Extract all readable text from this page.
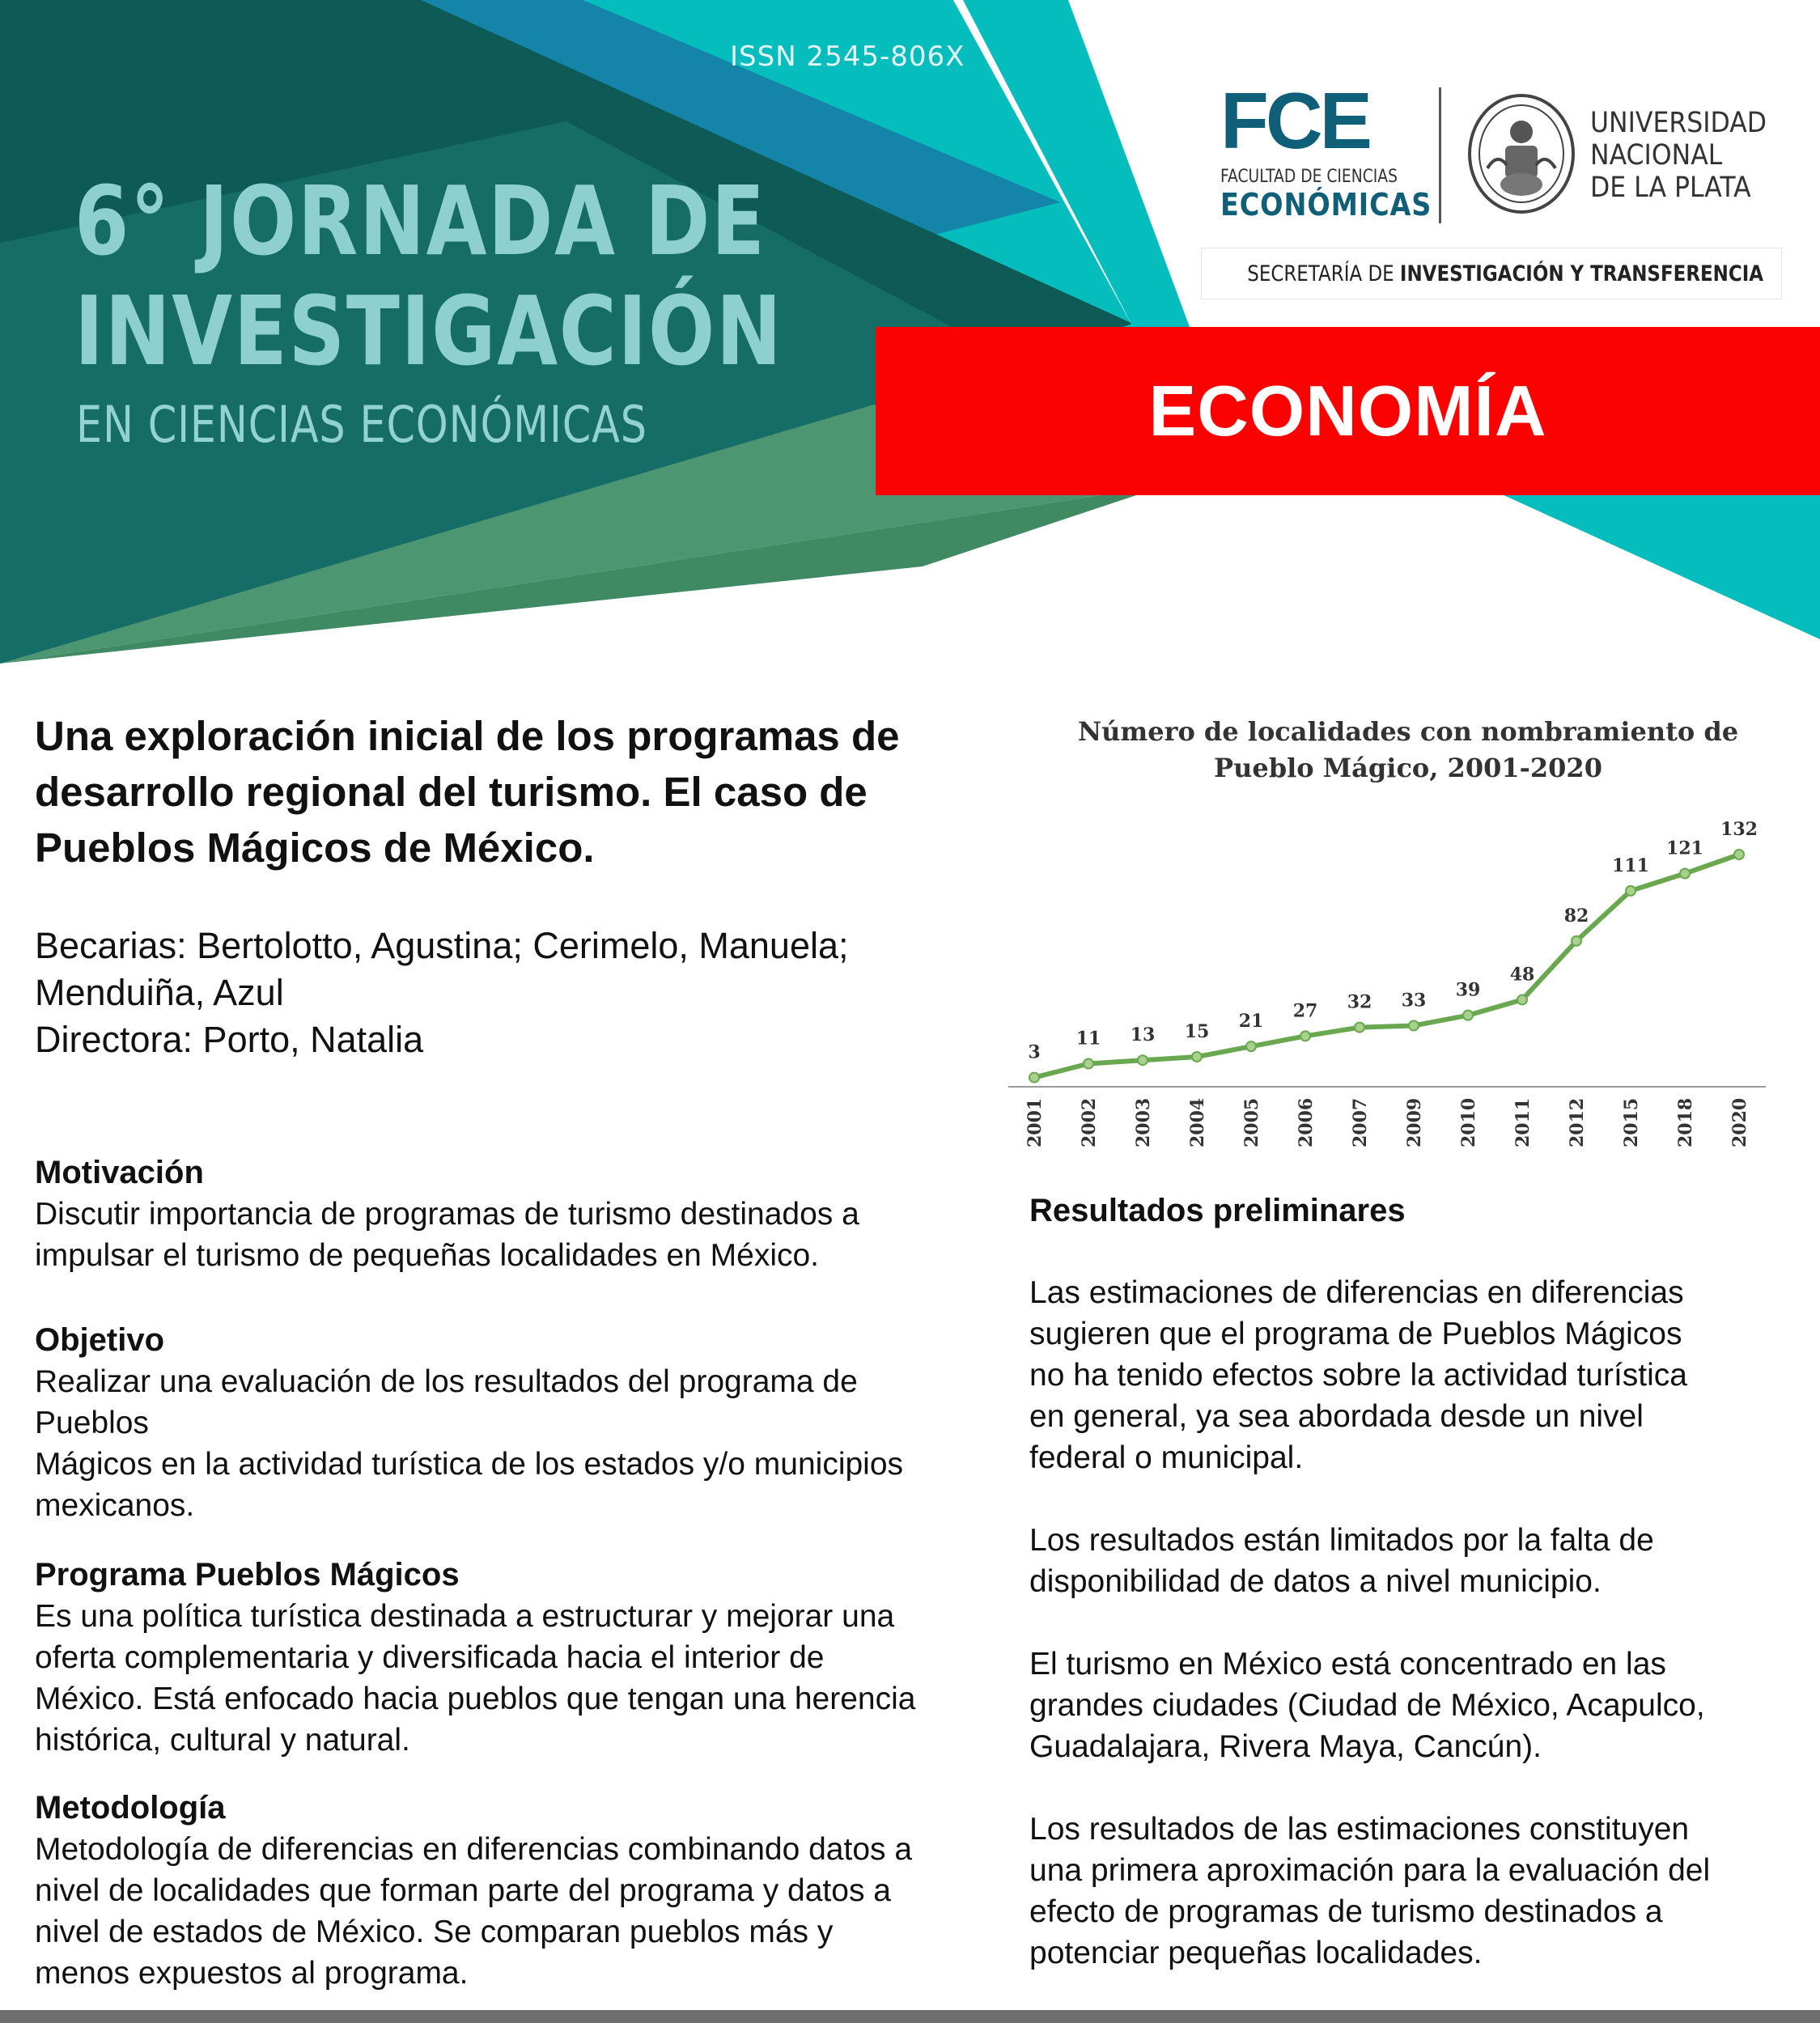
ISSN 2545-806X
6° JORNADA DE
INVESTIGACIÓN
EN CIENCIAS ECONÓMICAS
FCE
FACULTAD DE CIENCIAS
ECONÓMICAS
UNIVERSIDAD
NACIONAL
DE LA PLATA
SECRETARÍA DE INVESTIGACIÓN Y TRANSFERENCIA
ECONOMÍA
Una exploración inicial de los programas de desarrollo regional del turismo. El caso de Pueblos Mágicos de México.
Becarias: Bertolotto, Agustina; Cerimelo, Manuela;
Menduiña, Azul
Directora: Porto, Natalia
Motivación

Discutir importancia de programas de turismo destinados a
impulsar el turismo de pequeñas localidades en México.

Objetivo

Realizar una evaluación de los resultados del programa de
Pueblos
Mágicos en la actividad turística de los estados y/o municipios
mexicanos.

Programa Pueblos Mágicos

Es una política turística destinada a estructurar y mejorar una
oferta complementaria y diversificada hacia el interior de
México. Está enfocado hacia pueblos que tengan una herencia
histórica, cultural y natural.

Metodología

Metodología de diferencias en diferencias combinando datos a
nivel de localidades que forman parte del programa y datos a
nivel de estados de México. Se comparan pueblos más y
menos expuestos al programa.

Número de localidades con nombramiento de
Pueblo Mágico, 2001-2020
3
2001
11
2002
13
2003
15
2004
21
2005
27
2006
32
2007
33
2009
39
2010
48
2011
82
2012
111
2015
121
2018
132
2020
Resultados preliminares

Las estimaciones de diferencias en diferencias
sugieren que el programa de Pueblos Mágicos
no ha tenido efectos sobre la actividad turística
en general, ya sea abordada desde un nivel
federal o municipal.

Los resultados están limitados por la falta de
disponibilidad de datos a nivel municipio.

El turismo en México está concentrado en las
grandes ciudades (Ciudad de México, Acapulco,
Guadalajara, Rivera Maya, Cancún).

Los resultados de las estimaciones constituyen
una primera aproximación para la evaluación del
efecto de programas de turismo destinados a
potenciar pequeñas localidades.
